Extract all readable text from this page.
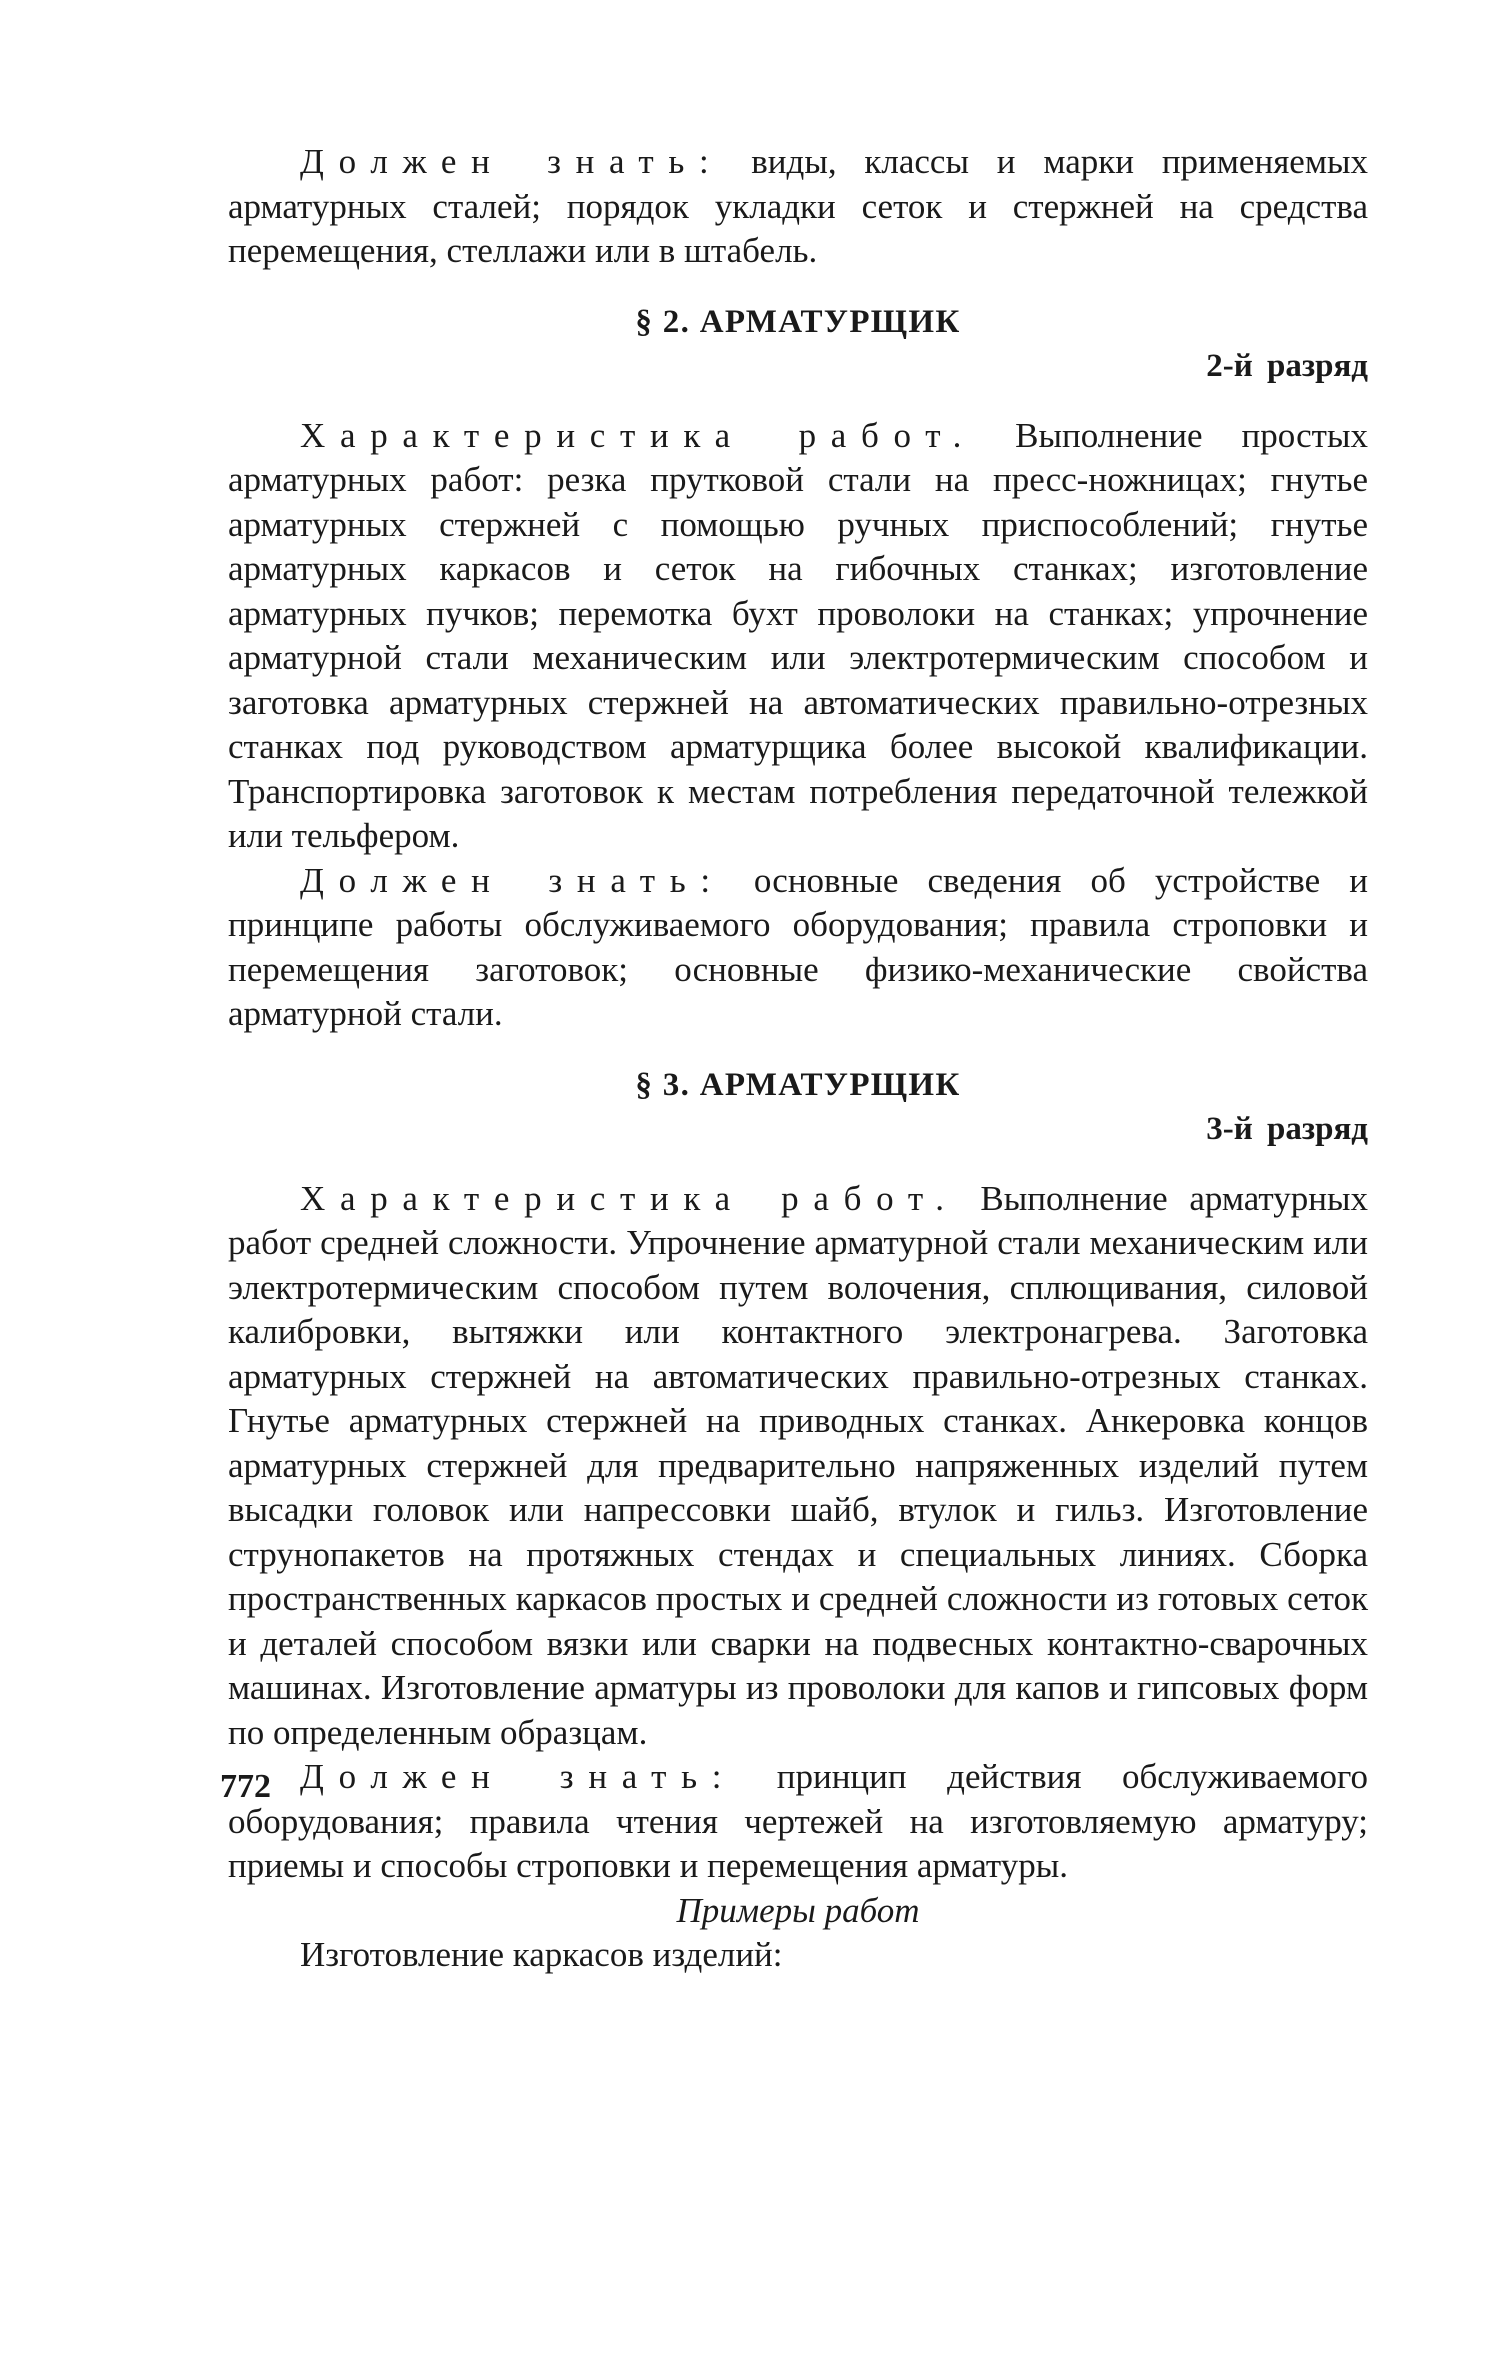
Должен знать: виды, классы и марки применяемых арматурных сталей; порядок укладки сеток и стержней на средства перемещения, стеллажи или в штабель.

§ 2. АРМАТУРЩИК
2-й разряд

Характеристика работ. Выполнение простых арматурных работ: резка прутковой стали на пресс-ножницах; гнутье арматурных стержней с помощью ручных приспособлений; гнутье арматурных каркасов и сеток на гибочных станках; изготовление арматурных пучков; перемотка бухт проволоки на станках; упрочнение арматурной стали механическим или электротермическим способом и заготовка арматурных стержней на автоматических правильно-отрезных станках под руководством арматурщика более высокой квалификации. Транспортировка заготовок к местам потребления передаточной тележкой или тельфером.

Должен знать: основные сведения об устройстве и принципе работы обслуживаемого оборудования; правила строповки и перемещения заготовок; основные физико-механические свойства арматурной стали.

§ 3. АРМАТУРЩИК
3-й разряд

Характеристика работ. Выполнение арматурных работ средней сложности. Упрочнение арматурной стали механическим или электротермическим способом путем волочения, сплющивания, силовой калибровки, вытяжки или контактного электронагрева. Заготовка арматурных стержней на автоматических правильно-отрезных станках. Гнутье арматурных стержней на приводных станках. Анкеровка концов арматурных стержней для предварительно напряженных изделий путем высадки головок или напрессовки шайб, втулок и гильз. Изготовление струнопакетов на протяжных стендах и специальных линиях. Сборка пространственных каркасов простых и средней сложности из готовых сеток и деталей способом вязки или сварки на подвесных контактно-сварочных машинах. Изготовление арматуры из проволоки для капов и гипсовых форм по определенным образцам.

Должен знать: принцип действия обслуживаемого оборудования; правила чтения чертежей на изготовляемую арматуру; приемы и способы строповки и перемещения арматуры.

Примеры работ

Изготовление каркасов изделий:

772
